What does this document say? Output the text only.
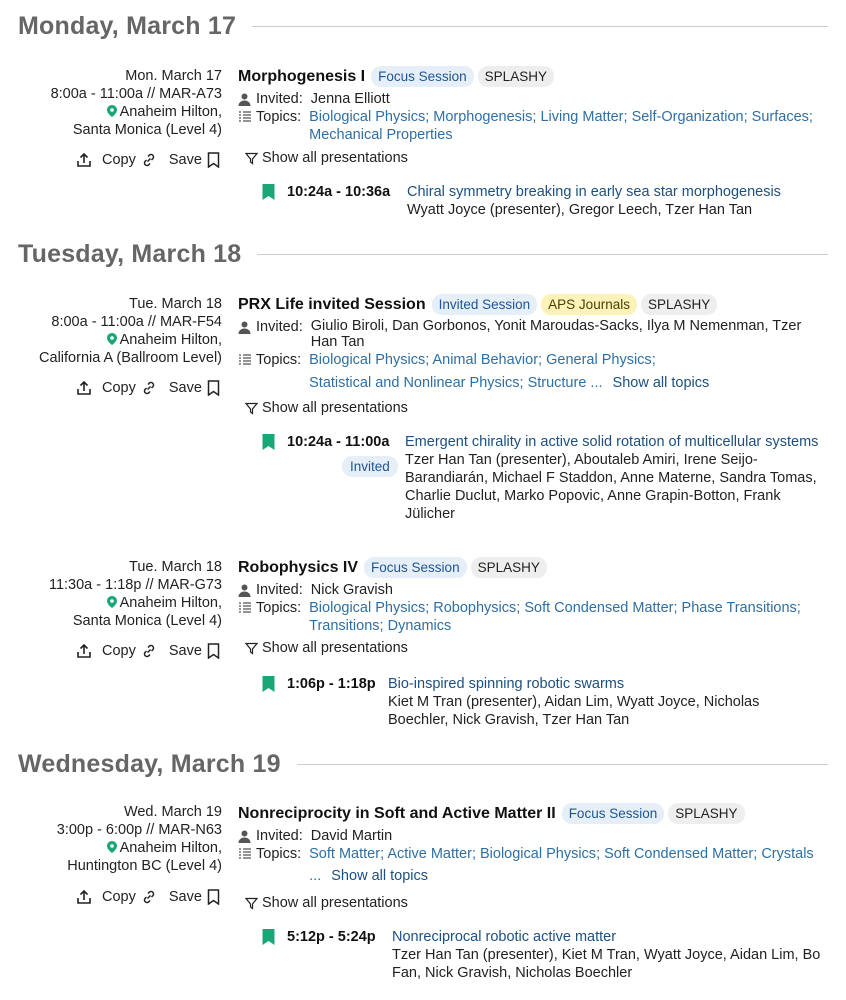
Monday, March 17
Mon. March 17
8:00a - 11:00a // MAR-A73
Anaheim Hilton,
Santa Monica (Level 4)
Copy Save
Morphogenesis I Focus Session	SPLASHY
Invited: Jenna Elliott
Topics: Biological Physics; Morphogenesis; Living Matter; Self-Organization; Surfaces; Mechanical Properties
Show all presentations
10:24a - 10:36a Chiral symmetry breaking in early sea star morphogenesis
Wyatt Joyce (presenter), Gregor Leech, Tzer Han Tan
Tuesday, March 18
Tue. March 18
8:00a - 11:00a // MAR-F54
Anaheim Hilton,
California A (Ballroom Level)
Copy Save
PRX Life invited Session Invited Session	APS Journals	SPLASHY
Invited: Giulio Biroli, Dan Gorbonos, Yonit Maroudas-Sacks, Ilya M Nemenman, Tzer Han Tan
Topics: Biological Physics; Animal Behavior; General Physics;
Statistical and Nonlinear Physics; Structure ... Show all topics
Show all presentations
10:24a - 11:00a
Invited
Emergent chirality in active solid rotation of multicellular systems
Tzer Han Tan (presenter), Aboutaleb Amiri, Irene Seijo-Barandiarán, Michael F Staddon, Anne Materne, Sandra Tomas, Charlie Duclut, Marko Popovic, Anne Grapin-Botton, Frank Jülicher
Tue. March 18
11:30a - 1:18p // MAR-G73
Anaheim Hilton,
Santa Monica (Level 4)
Copy Save
Robophysics IV Focus Session	SPLASHY
Invited: Nick Gravish
Topics: Biological Physics; Robophysics; Soft Condensed Matter; Phase Transitions; Transitions; Dynamics
Show all presentations
1:06p - 1:18p Bio-inspired spinning robotic swarms
Kiet M Tran (presenter), Aidan Lim, Wyatt Joyce, Nicholas Boechler, Nick Gravish, Tzer Han Tan
Wednesday, March 19
Wed. March 19
3:00p - 6:00p // MAR-N63
Anaheim Hilton,
Huntington BC (Level 4)
Copy Save
Nonreciprocity in Soft and Active Matter II Focus Session	SPLASHY
Invited: David Martin
Topics: Soft Matter; Active Matter; Biological Physics; Soft Condensed Matter; Crystals
... Show all topics
Show all presentations
5:12p - 5:24p Nonreciprocal robotic active matter
Tzer Han Tan (presenter), Kiet M Tran, Wyatt Joyce, Aidan Lim, Bo Fan, Nick Gravish, Nicholas Boechler
